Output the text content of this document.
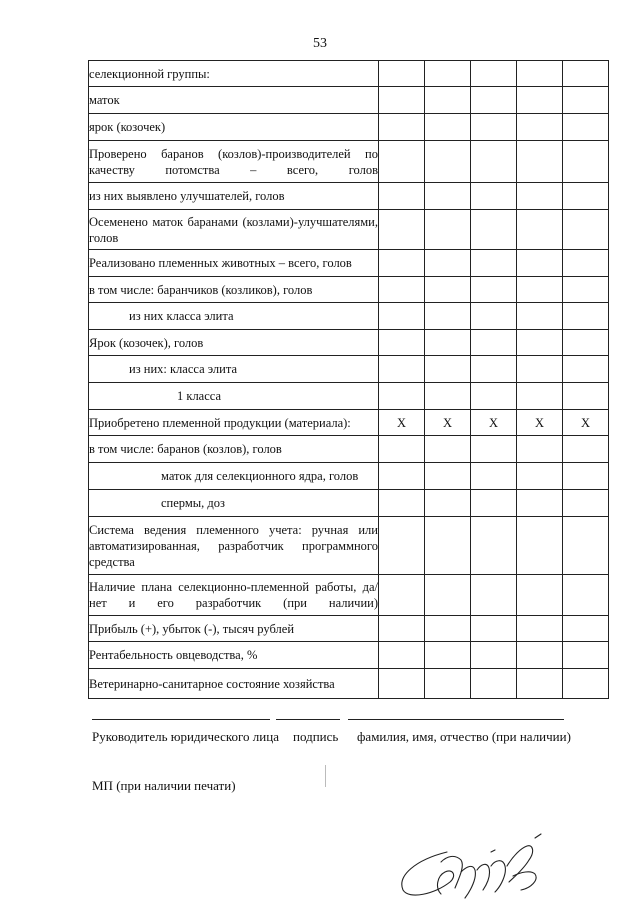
53
селекционной группы:					
маток					
ярок (козочек)					
Проверено баранов (козлов)-производителей по качеству потомства – всего, голов					
из них выявлено улучшателей, голов					
Осеменено маток баранами (козлами)-улучшателями, голов					
Реализовано племенных животных – всего, голов					
в том числе: баранчиков (козликов), голов					
из них класса элита					
Ярок (козочек), голов					
из них: класса элита					
1 класса					
Приобретено племенной продукции (материала):	Х	Х	Х	Х	Х
в том числе: баранов (козлов), голов					
маток для селекционного ядра, голов					
спермы, доз					
Система ведения племенного учета: ручная или автоматизированная, разработчик программного средства					
Наличие плана селекционно-племенной работы, да/нет и его разработчик (при наличии)					
Прибыль (+), убыток (-), тысяч рублей					
Рентабельность овцеводства, %					
Ветеринарно-санитарное состояние хозяйства					
Руководитель юридического лица подпись фамилия, имя, отчество (при наличии)
МП (при наличии печати)
